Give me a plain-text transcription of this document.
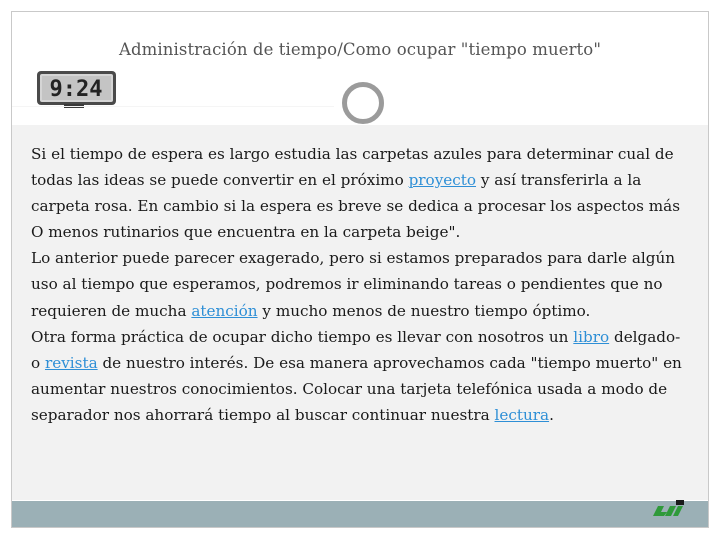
Administración de tiempo/Como ocupar "tiempo muerto"
9:24

Si el tiempo de espera es largo estudia las carpetas azules para determinar cual de todas las ideas se puede convertir en el próximo proyecto y así transferirla a la carpeta rosa. En cambio si la espera es breve se dedica a procesar los aspectos más O menos rutinarios que encuentra en la carpeta beige".

Lo anterior puede parecer exagerado, pero si estamos preparados para darle algún uso al tiempo que esperamos, podremos ir eliminando tareas o pendientes que no requieren de mucha atención y mucho menos de nuestro tiempo óptimo.

Otra forma práctica de ocupar dicho tiempo es llevar con nosotros un libro delgado- o revista de nuestro interés. De esa manera aprovechamos cada "tiempo muerto" en aumentar nuestros conocimientos. Colocar una tarjeta telefónica usada a modo de separador nos ahorrará tiempo al buscar continuar nuestra lectura.
